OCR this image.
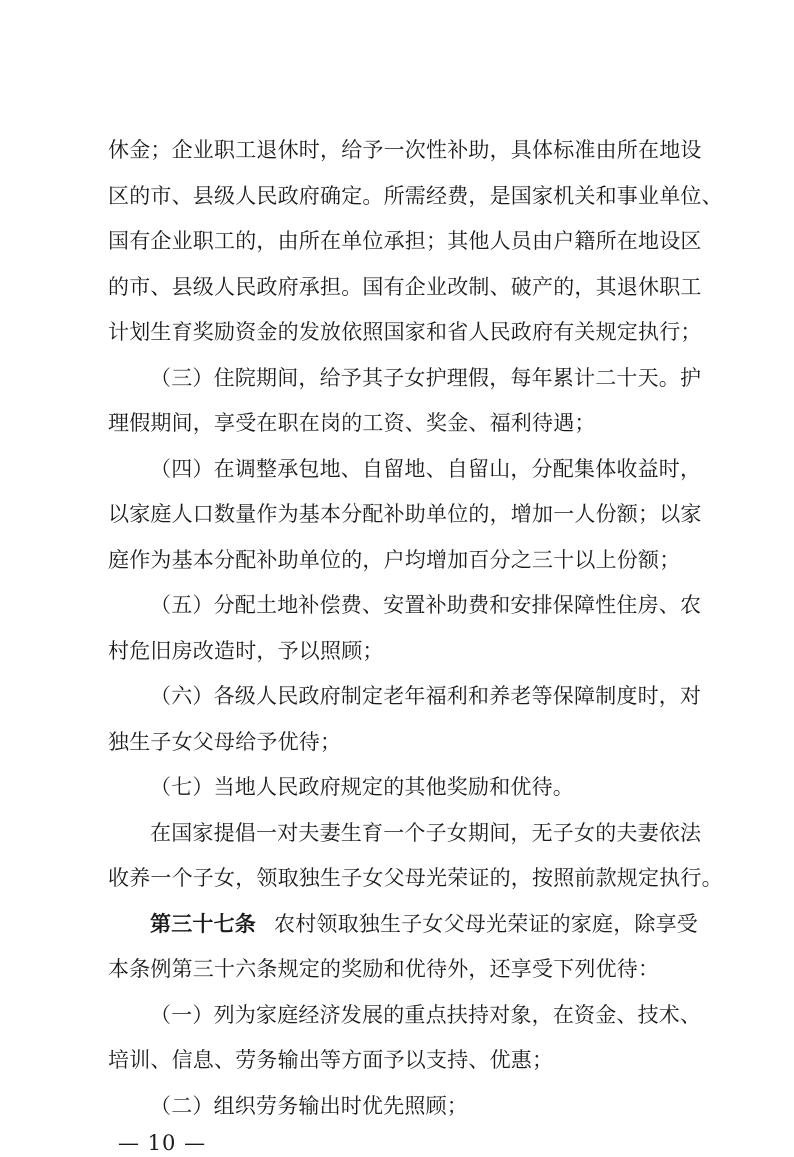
休金；企业职工退休时，给予一次性补助，具体标准由所在地设
区的市、县级人民政府确定。所需经费，是国家机关和事业单位、
国有企业职工的，由所在单位承担；其他人员由户籍所在地设区
的市、县级人民政府承担。国有企业改制、破产的，其退休职工
计划生育奖励资金的发放依照国家和省人民政府有关规定执行；
（三）住院期间，给予其子女护理假，每年累计二十天。护
理假期间，享受在职在岗的工资、奖金、福利待遇；
（四）在调整承包地、自留地、自留山，分配集体收益时，
以家庭人口数量作为基本分配补助单位的，增加一人份额；以家
庭作为基本分配补助单位的，户均增加百分之三十以上份额；
（五）分配土地补偿费、安置补助费和安排保障性住房、农
村危旧房改造时，予以照顾；
（六）各级人民政府制定老年福利和养老等保障制度时，对
独生子女父母给予优待；
（七）当地人民政府规定的其他奖励和优待。
在国家提倡一对夫妻生育一个子女期间，无子女的夫妻依法
收养一个子女，领取独生子女父母光荣证的，按照前款规定执行。
第三十七条 农村领取独生子女父母光荣证的家庭，除享受
本条例第三十六条规定的奖励和优待外，还享受下列优待：
（一）列为家庭经济发展的重点扶持对象，在资金、技术、
培训、信息、劳务输出等方面予以支持、优惠；
（二）组织劳务输出时优先照顾；
— 10 —
